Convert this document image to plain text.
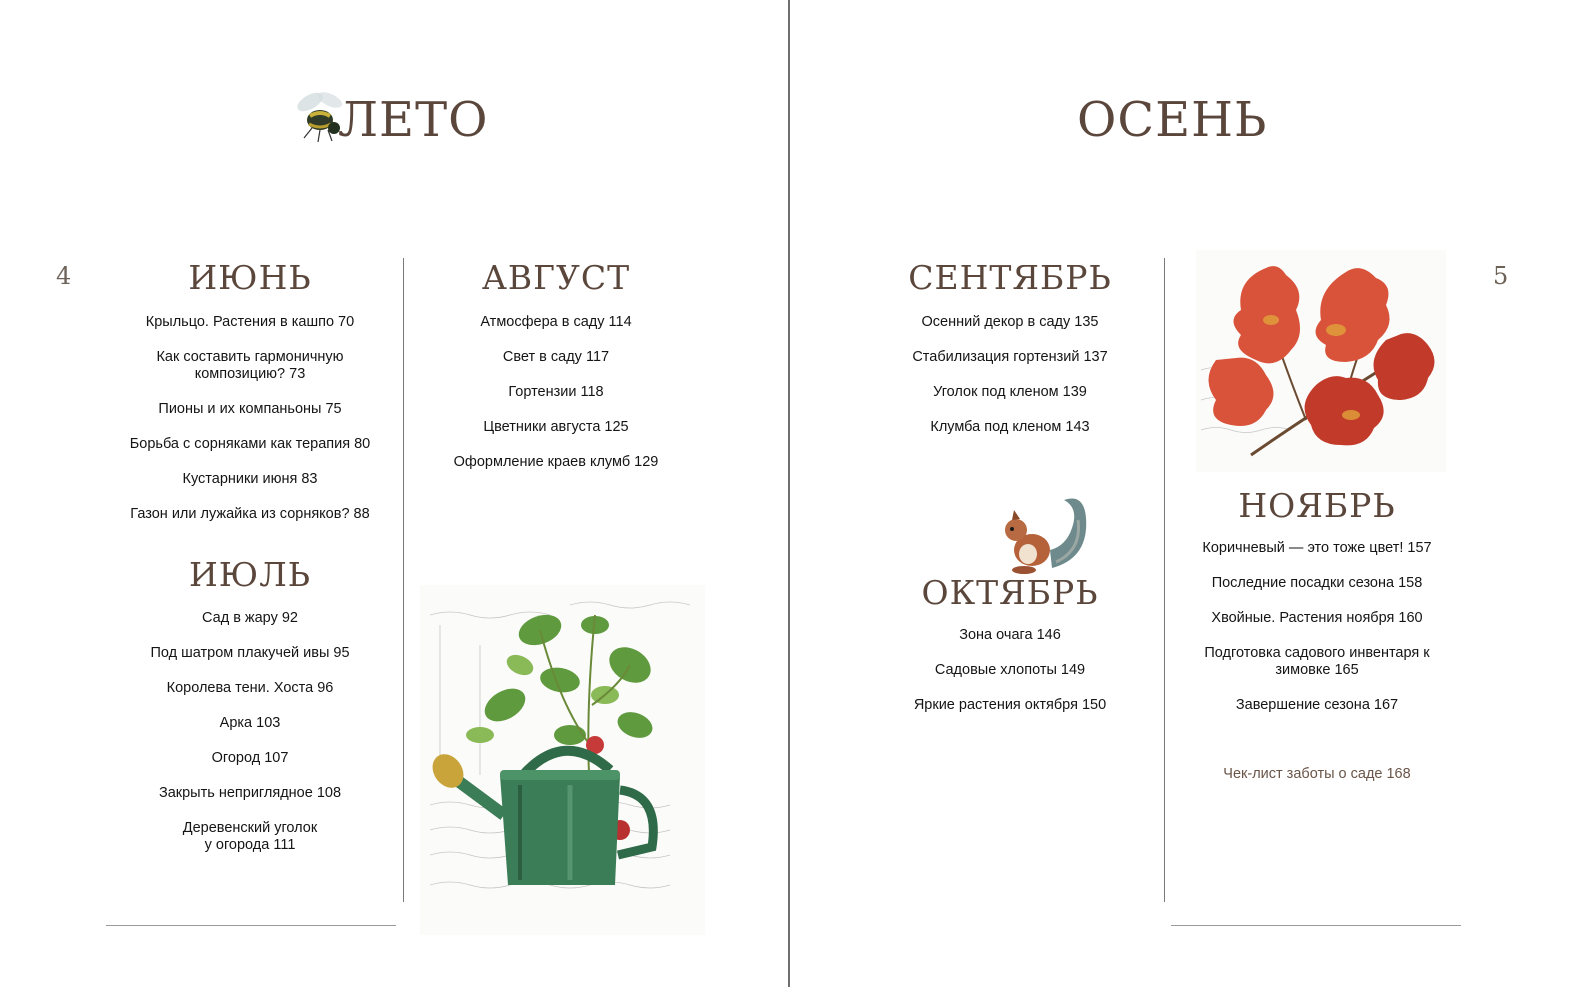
ЛЕТО

4	ИЮНЬ
Крыльцо. Растения в кашпо 70
Как составить гармоничную
композицию? 73
Пионы и их компаньоны 75
Борьба с сорняками как терапия 80
Кустарники июня 83
Газон или лужайка из сорняков? 88
ИЮЛЬ
Сад в жару 92
Под шатром плакучей ивы 95
Королева тени. Хоста 96
Арка 103
Огород 107
Закрыть неприглядное 108
Деревенский уголок
у огорода 111
АВГУСТ
Атмосфера в саду 114
Свет в саду 117
Гортензии 118
Цветники августа 125
Оформление краев клумб 129
ОСЕНЬ

5

СЕНТЯБРЬ
Осенний декор в саду 135
Стабилизация гортензий 137
Уголок под кленом 139
Клумба под кленом 143
ОКТЯБРЬ
Зона очага 146
Садовые хлопоты 149
Яркие растения октября 150
НОЯБРЬ
Коричневый — это тоже цвет! 157
Последние посадки сезона 158
Хвойные. Растения ноября 160
Подготовка садового инвентаря к
зимовке 165
Завершение сезона 167

Чек-лист заботы о саде 168
